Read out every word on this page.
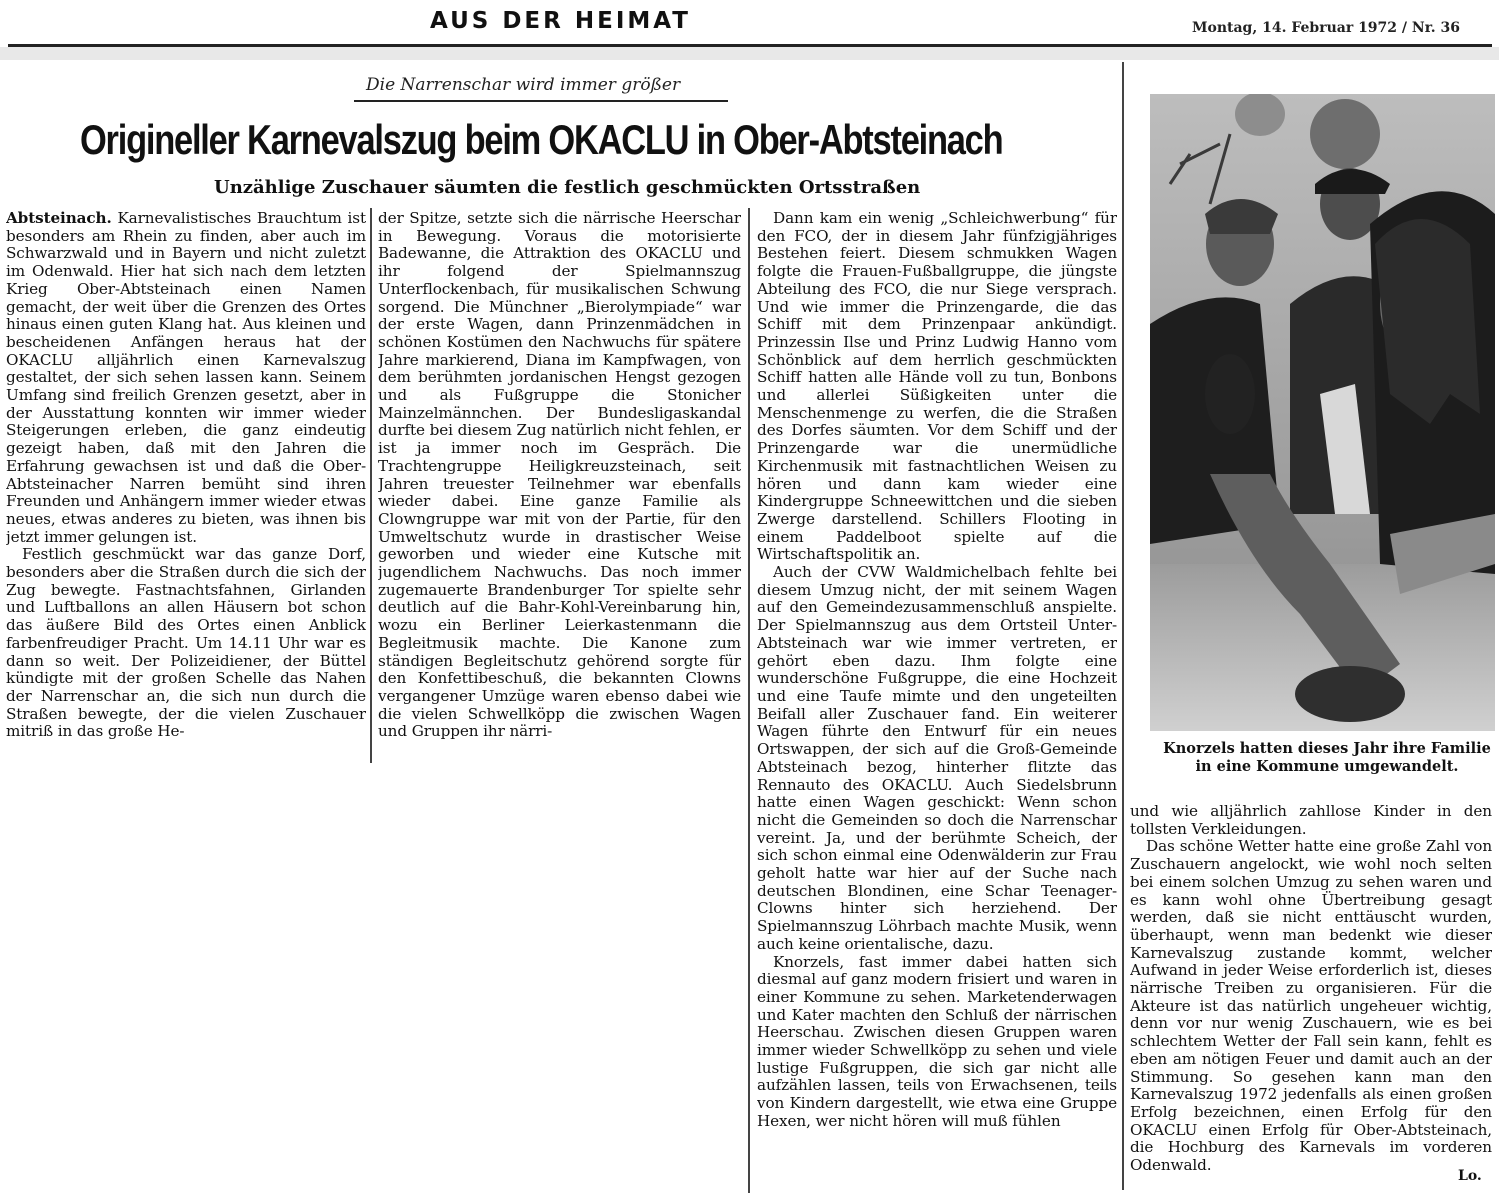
AUS DER HEIMAT	Montag, 14. Februar 1972 / Nr. 36
Die Narrenschar wird immer größer
Origineller Karnevalszug beim OKACLU in Ober-Abtsteinach
Unzählige Zuschauer säumten die festlich geschmückten Ortsstraßen

Abtsteinach. Karnevalistisches Brauchtum ist besonders am Rhein zu finden, aber auch im Schwarzwald und in Bayern und nicht zuletzt im Odenwald. Hier hat sich nach dem letzten Krieg Ober-Abtsteinach einen Namen gemacht, der weit über die Grenzen des Ortes hinaus einen guten Klang hat. Aus kleinen und bescheidenen Anfängen heraus hat der OKACLU alljährlich einen Karnevalszug gestaltet, der sich sehen lassen kann. Seinem Umfang sind freilich Grenzen gesetzt, aber in der Ausstattung konnten wir immer wieder Steigerungen erleben, die ganz eindeutig gezeigt haben, daß mit den Jahren die Erfahrung gewachsen ist und daß die Ober-Abtsteinacher Narren bemüht sind ihren Freunden und Anhängern immer wieder etwas neues, etwas anderes zu bieten, was ihnen bis jetzt immer gelungen ist.

Festlich geschmückt war das ganze Dorf, besonders aber die Straßen durch die sich der Zug bewegte. Fastnachtsfahnen, Girlanden und Luftballons an allen Häusern bot schon das äußere Bild des Ortes einen Anblick farbenfreudiger Pracht. Um 14.11 Uhr war es dann so weit. Der Polizeidiener, der Büttel kündigte mit der großen Schelle das Nahen der Narrenschar an, die sich nun durch die Straßen bewegte, der die vielen Zuschauer mitriß in das große He-

der Spitze, setzte sich die närrische Heerschar in Bewegung. Voraus die motorisierte Badewanne, die Attraktion des OKACLU und ihr folgend der Spielmannszug Unterflockenbach, für musikalischen Schwung sorgend. Die Münchner „Bierolympiade“ war der erste Wagen, dann Prinzenmädchen in schönen Kostümen den Nachwuchs für spätere Jahre markierend, Diana im Kampfwagen, von dem berühmten jordanischen Hengst gezogen und als Fußgruppe die Stonicher Mainzelmännchen. Der Bundesligaskandal durfte bei diesem Zug natürlich nicht fehlen, er ist ja immer noch im Gespräch. Die Trachtengruppe Heiligkreuzsteinach, seit Jahren treuester Teilnehmer war ebenfalls wieder dabei. Eine ganze Familie als Clowngruppe war mit von der Partie, für den Umweltschutz wurde in drastischer Weise geworben und wieder eine Kutsche mit jugendlichem Nachwuchs. Das noch immer zugemauerte Brandenburger Tor spielte sehr deutlich auf die Bahr-Kohl-Vereinbarung hin, wozu ein Berliner Leierkastenmann die Begleitmusik machte. Die Kanone zum ständigen Begleitschutz gehörend sorgte für den Konfettibeschuß, die bekannten Clowns vergangener Umzüge waren ebenso dabei wie die vielen Schwellköpp die zwischen Wagen und Gruppen ihr närri-

Dann kam ein wenig „Schleichwerbung“ für den FCO, der in diesem Jahr fünfzigjähriges Bestehen feiert. Diesem schmukken Wagen folgte die Frauen-Fußballgruppe, die jüngste Abteilung des FCO, die nur Siege versprach. Und wie immer die Prinzengarde, die das Schiff mit dem Prinzenpaar ankündigt. Prinzessin Ilse und Prinz Ludwig Hanno vom Schönblick auf dem herrlich geschmückten Schiff hatten alle Hände voll zu tun, Bonbons und allerlei Süßigkeiten unter die Menschenmenge zu werfen, die die Straßen des Dorfes säumten. Vor dem Schiff und der Prinzengarde war die unermüdliche Kirchenmusik mit fastnachtlichen Weisen zu hören und dann kam wieder eine Kindergruppe Schneewittchen und die sieben Zwerge darstellend. Schillers Flooting in einem Paddelboot spielte auf die Wirtschaftspolitik an.

Auch der CVW Waldmichelbach fehlte bei diesem Umzug nicht, der mit seinem Wagen auf den Gemeindezusammenschluß anspielte. Der Spielmannszug aus dem Ortsteil Unter-Abtsteinach war wie immer vertreten, er gehört eben dazu. Ihm folgte eine wunderschöne Fußgruppe, die eine Hochzeit und eine Taufe mimte und den ungeteilten Beifall aller Zuschauer fand. Ein weiterer Wagen führte den Entwurf für ein neues Ortswappen, der sich auf die Groß-Gemeinde Abtsteinach bezog, hinterher flitzte das Rennauto des OKACLU. Auch Siedelsbrunn hatte einen Wagen geschickt: Wenn schon nicht die Gemeinden so doch die Narrenschar vereint. Ja, und der berühmte Scheich, der sich schon einmal eine Odenwälderin zur Frau geholt hatte war hier auf der Suche nach deutschen Blondinen, eine Schar Teenager-Clowns hinter sich herziehend. Der Spielmannszug Löhrbach machte Musik, wenn auch keine orientalische, dazu.

Knorzels, fast immer dabei hatten sich diesmal auf ganz modern frisiert und waren in einer Kommune zu sehen. Marketenderwagen und Kater machten den Schluß der närrischen Heerschau. Zwischen diesen Gruppen waren immer wieder Schwellköpp zu sehen und viele lustige Fußgruppen, die sich gar nicht alle aufzählen lassen, teils von Erwachsenen, teils von Kindern dargestellt, wie etwa eine Gruppe Hexen, wer nicht hören will muß fühlen

Knorzels hatten dieses Jahr ihre Familie in eine Kommune umgewandelt.

und wie alljährlich zahllose Kinder in den tollsten Verkleidungen.

Das schöne Wetter hatte eine große Zahl von Zuschauern angelockt, wie wohl noch selten bei einem solchen Umzug zu sehen waren und es kann wohl ohne Übertreibung gesagt werden, daß sie nicht enttäuscht wurden, überhaupt, wenn man bedenkt wie dieser Karnevalszug zustande kommt, welcher Aufwand in jeder Weise erforderlich ist, dieses närrische Treiben zu organisieren. Für die Akteure ist das natürlich ungeheuer wichtig, denn vor nur wenig Zuschauern, wie es bei schlechtem Wetter der Fall sein kann, fehlt es eben am nötigen Feuer und damit auch an der Stimmung. So gesehen kann man den Karnevalszug 1972 jedenfalls als einen großen Erfolg bezeichnen, einen Erfolg für den OKACLU einen Erfolg für Ober-Abtsteinach, die Hochburg des Karnevals im vorderen Odenwald.

Lo.
